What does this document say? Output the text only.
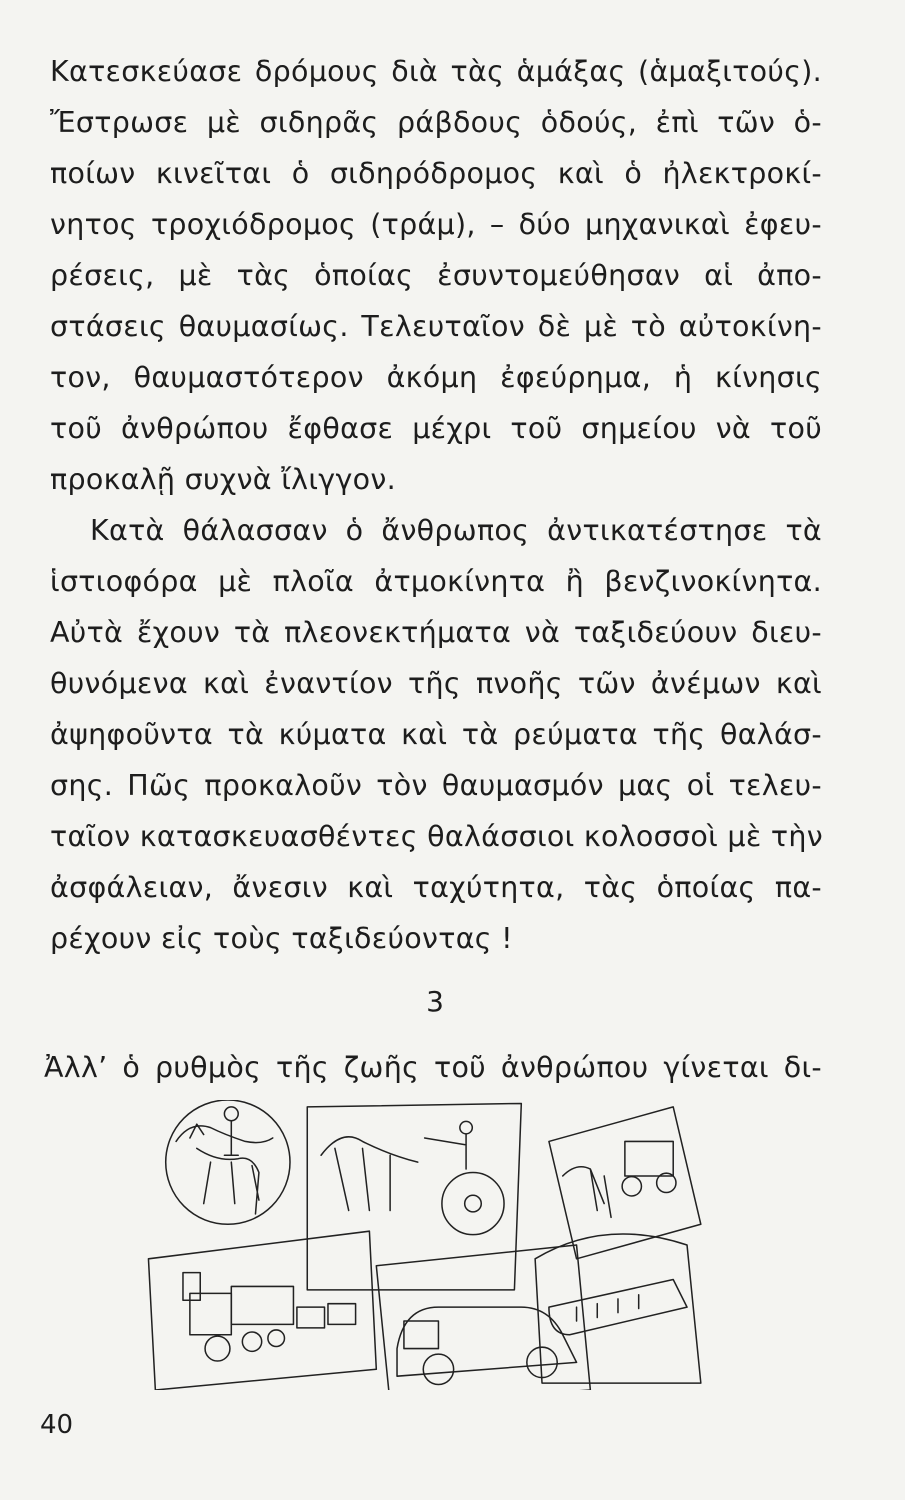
Κατεσκεύασε δρόμους διὰ τὰς ἁμάξας (ἁμαξιτούς).
Ἔστρωσε μὲ σιδηρᾶς ράβδους ὁδούς, ἐπὶ τῶν ὁ-
ποίων κινεῖται ὁ σιδηρόδρομος καὶ ὁ ἠλεκτροκί-
νητος τροχιόδρομος (τράμ), – δύο μηχανικαὶ ἐφευ-
ρέσεις, μὲ τὰς ὁποίας ἐσυντομεύθησαν αἱ ἀπο-
στάσεις θαυμασίως. Τελευταῖον δὲ μὲ τὸ αὐτοκίνη-
τον, θαυμαστότερον ἀκόμη ἐφεύρημα, ἡ κίνησις
τοῦ ἀνθρώπου ἔφθασε μέχρι τοῦ σημείου νὰ τοῦ
προκαλῇ συχνὰ ἴλιγγον.
Κατὰ θάλασσαν ὁ ἄνθρωπος ἀντικατέστησε τὰ
ἱστιοφόρα μὲ πλοῖα ἀτμοκίνητα ἢ βενζινοκίνητα.
Αὐτὰ ἔχουν τὰ πλεονεκτήματα νὰ ταξιδεύουν διευ-
θυνόμενα καὶ ἐναντίον τῆς πνοῆς τῶν ἀνέμων καὶ
ἀψηφοῦντα τὰ κύματα καὶ τὰ ρεύματα τῆς θαλάσ-
σης. Πῶς προκαλοῦν τὸν θαυμασμόν μας οἱ τελευ-
ταῖον κατασκευασθέντες θαλάσσιοι κολοσσοὶ μὲ τὴν
ἀσφάλειαν, ἄνεσιν καὶ ταχύτητα, τὰς ὁποίας πα-
ρέχουν εἰς τοὺς ταξιδεύοντας !
3
Ἀλλ’ ὁ ρυθμὸς τῆς ζωῆς τοῦ ἀνθρώπου γίνεται δι-
40
